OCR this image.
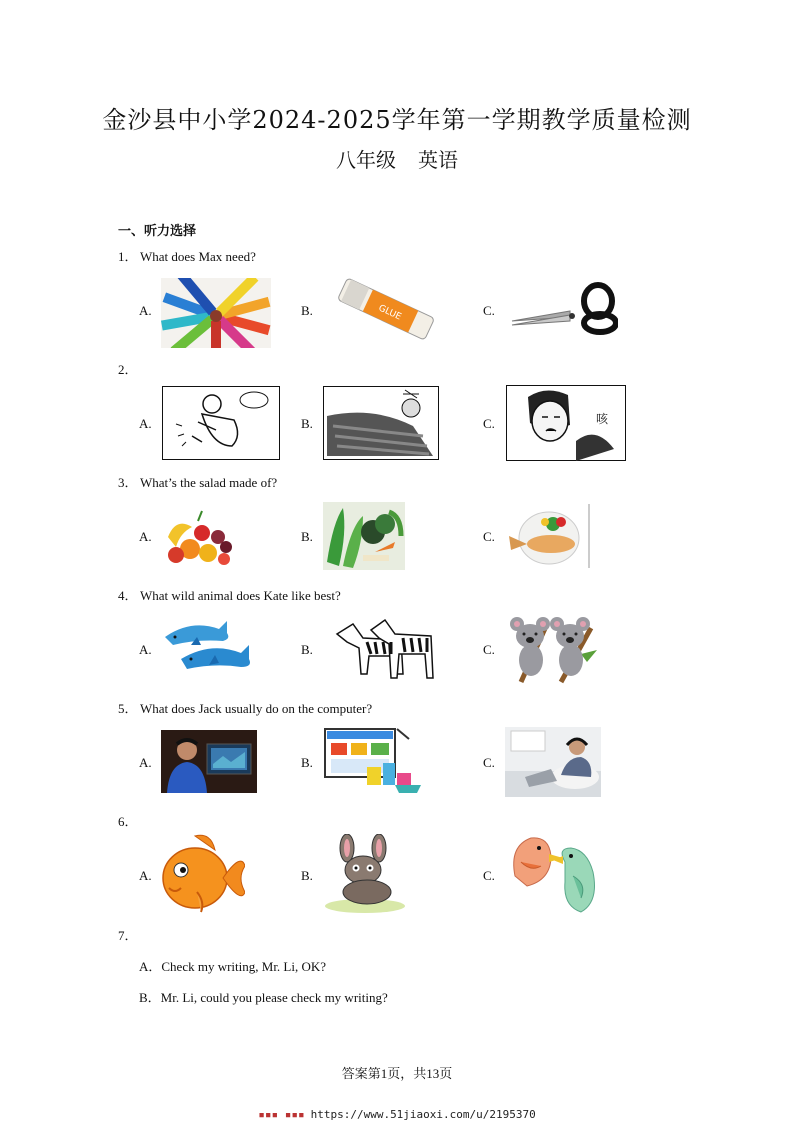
金沙县中小学2024-2025学年第一学期教学质量检测
八年级 英语
一、听力选择
1． What does Max need?
A.	B.	GLUE	C.
2．
A.	B.	C.	咳
3． What’s the salad made of?
A.	B.	C.
4． What wild animal does Kate like best?
A.	B.	C.
5． What does Jack usually do on the computer?
A.	B.	C.
6．
A.	B.	C.
7．
A．Check my writing, Mr. Li, OK?
B．Mr. Li, could you please check my writing?
答案第1页，共13页
▪▪▪ ▪▪▪ https://www.51jiaoxi.com/u/2195370
